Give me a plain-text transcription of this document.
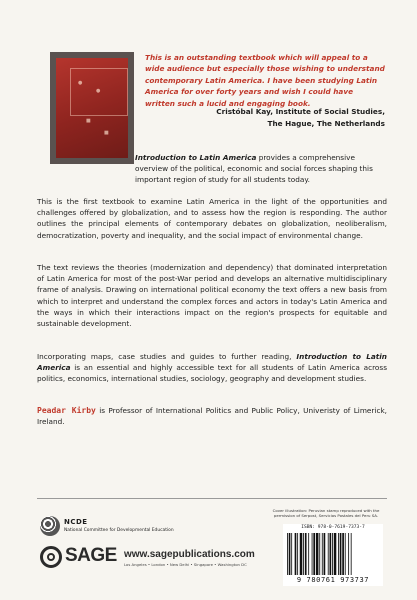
●
●
■
■
This is an outstanding textbook which will appeal to a wide audience but especially those wishing to understand contemporary Latin America. I have been studying Latin America for over forty years and wish I could have written such a lucid and engaging book.
Cristóbal Kay, Institute of Social Studies,
The Hague, The Netherlands
Introduction to Latin America provides a comprehensive overview of the political, economic and social forces shaping this important region of study for all students today.
This is the first textbook to examine Latin America in the light of the opportunities and challenges offered by globalization, and to assess how the region is responding. The author outlines the principal elements of contemporary debates on globalization, neoliberalism, democratization, poverty and inequality, and the social impact of environmental change.
The text reviews the theories (modernization and dependency) that dominated interpretation of Latin America for most of the post-War period and develops an alternative multidisciplinary frame of analysis. Drawing on international political economy the text offers a new basis from which to interpret and understand the complex forces and actors in today's Latin America and the ways in which their interactions impact on the region's prospects for equitable and sustainable development.
Incorporating maps, case studies and guides to further reading, Introduction to Latin America is an essential and highly accessible text for all students of Latin America across politics, economics, international studies, sociology, geography and development studies.
Peadar Kirby is Professor of International Politics and Public Policy, Univeristy of Limerick, Ireland.
NCDE
National Committee for Developmental Education
SAGE www.sagepublications.com
Los Angeles • London • New Delhi • Singapore • Washington DC
Cover illustration: Peruvian stamp reproduced with the permission of Serpost, Servicios Postales del Peru SA.
ISBN: 978-0-7619-7373-7
9 780761 973737
